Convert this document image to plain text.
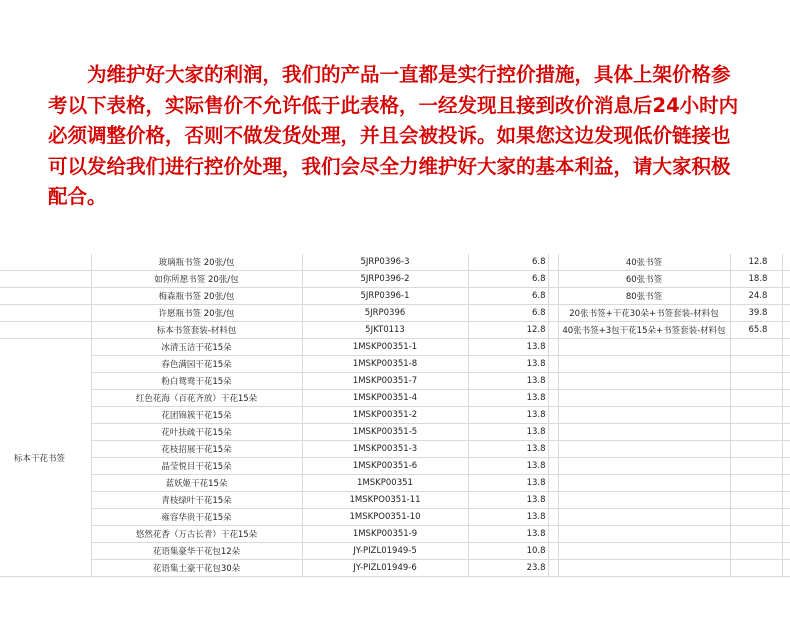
为维护好大家的利润，我们的产品一直都是实行控价措施，具体上架价格参考以下表格，实际售价不允许低于此表格，一经发现且接到改价消息后24小时内必须调整价格，否则不做发货处理，并且会被投诉。如果您这边发现低价链接也可以发给我们进行控价处理，我们会尽全力维护好大家的基本利益，请大家积极配合。

	玻璃瓶书签 20张/包	5JRP0396-3	6.8		40张书签	12.8	
	如你所愿书签 20张/包	5JRP0396-2	6.8		60张书签	18.8	
	梅森瓶书签 20张/包	5JRP0396-1	6.8		80张书签	24.8	
	许愿瓶书签 20张/包	5JRP0396	6.8		20张书签+干花30朵+书签套装-材料包	39.8	
	标本书签套装-材料包	5JKT0113	12.8		40张书签+3包干花15朵+书签套装-材料包	65.8	
标本干花书签	冰清玉洁干花15朵	1MSKP00351-1	13.8				
	春色满园干花15朵	1MSKP00351-8	13.8				
	粉白鸳鸯干花15朵	1MSKP00351-7	13.8				
	红色花海（百花齐放）干花15朵	1MSKP00351-4	13.8				
	花团锦簇干花15朵	1MSKP00351-2	13.8				
	花叶扶疏干花15朵	1MSKP00351-5	13.8				
	花枝招展干花15朵	1MSKP00351-3	13.8				
	晶莹悦目干花15朵	1MSKP00351-6	13.8				
	蓝妖姬干花15朵	1MSKP00351	13.8				
	青枝绿叶干花15朵	1MSKPO0351-11	13.8				
	雍容华贵干花15朵	1MSKPO0351-10	13.8				
	悠然花香（万古长青）干花15朵	1MSKP00351-9	13.8				
	花语集豪华干花包12朵	JY-PIZL01949-5	10.8				
	花语集土豪干花包30朵	JY-PIZL01949-6	23.8				
